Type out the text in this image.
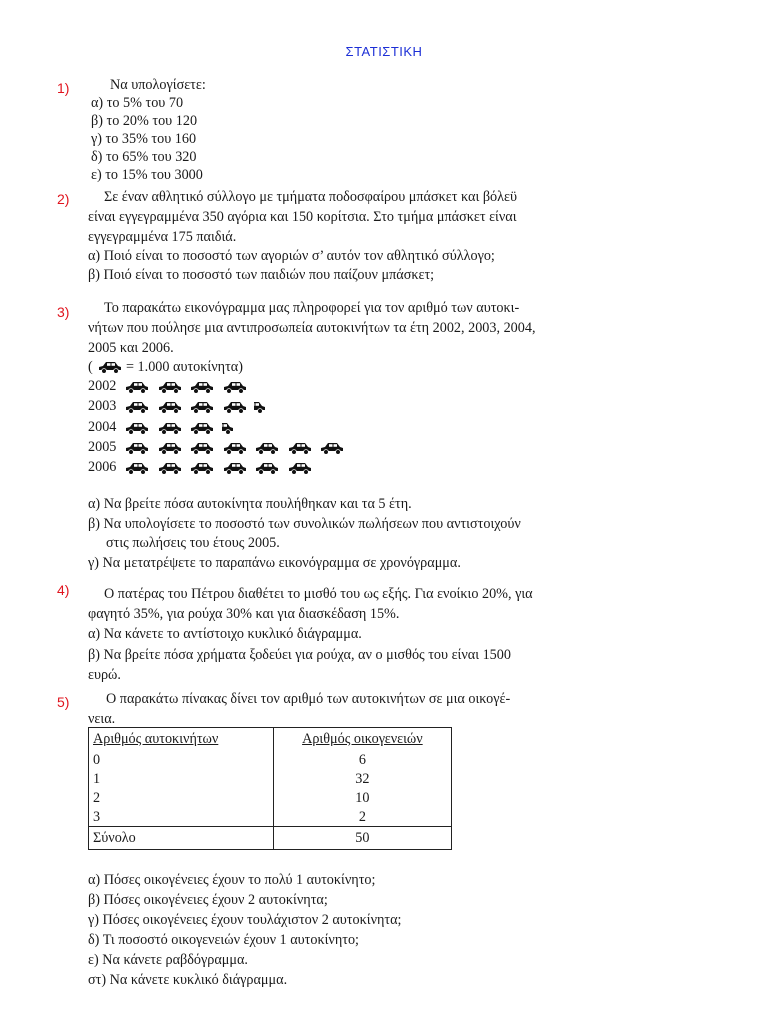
ΣΤΑΤΙΣΤΙΚΗ
1)	Να υπολογίσετε:
α) το 5% του 70
β) το 20% του 120
γ) το 35% του 160
δ) το 65% του 320
ε) το 15% του 3000
2) Σε έναν αθλητικό σύλλογο με τμήματα ποδοσφαίρου μπάσκετ και βόλεϋ
είναι εγγεγραμμένα 350 αγόρια και 150 κορίτσια. Στο τμήμα μπάσκετ είναι
εγγεγραμμένα 175 παιδιά.
α) Ποιό είναι το ποσοστό των αγοριών σ’ αυτόν τον αθλητικό σύλλογο;
β) Ποιό είναι το ποσοστό των παιδιών που παίζουν μπάσκετ;
3) Το παρακάτω εικονόγραμμα μας πληροφορεί για τον αριθμό των αυτοκι-
νήτων που πούλησε μια αντιπροσωπεία αυτοκινήτων τα έτη 2002, 2003, 2004,
2005 και 2006.
( = 1.000 αυτοκίνητα)
2002
2003
2004
2005
2006
α) Να βρείτε πόσα αυτοκίνητα πουλήθηκαν και τα 5 έτη.
β) Να υπολογίσετε το ποσοστό των συνολικών πωλήσεων που αντιστοιχούν
στις πωλήσεις του έτους 2005.
γ) Να μετατρέψετε το παραπάνω εικονόγραμμα σε χρονόγραμμα.
4) Ο πατέρας του Πέτρου διαθέτει το μισθό του ως εξής. Για ενοίκιο 20%, για
φαγητό 35%, για ρούχα 30% και για διασκέδαση 15%.
α) Να κάνετε το αντίστοιχο κυκλικό διάγραμμα.
β) Να βρείτε πόσα χρήματα ξοδεύει για ρούχα, αν ο μισθός του είναι 1500
ευρώ.
5)	Ο παρακάτω πίνακας δίνει τον αριθμό των αυτοκινήτων σε μια οικογέ-
νεια.
Αριθμός αυτοκινήτων	Αριθμός οικογενειών
0	6
1	32
2	10
3	2
Σύνολο	50
α) Πόσες οικογένειες έχουν το πολύ 1 αυτοκίνητο;
β) Πόσες οικογένειες έχουν 2 αυτοκίνητα;
γ) Πόσες οικογένειες έχουν τουλάχιστον 2 αυτοκίνητα;
δ) Τι ποσοστό οικογενειών έχουν 1 αυτοκίνητο;
ε) Να κάνετε ραβδόγραμμα.
στ) Να κάνετε κυκλικό διάγραμμα.
